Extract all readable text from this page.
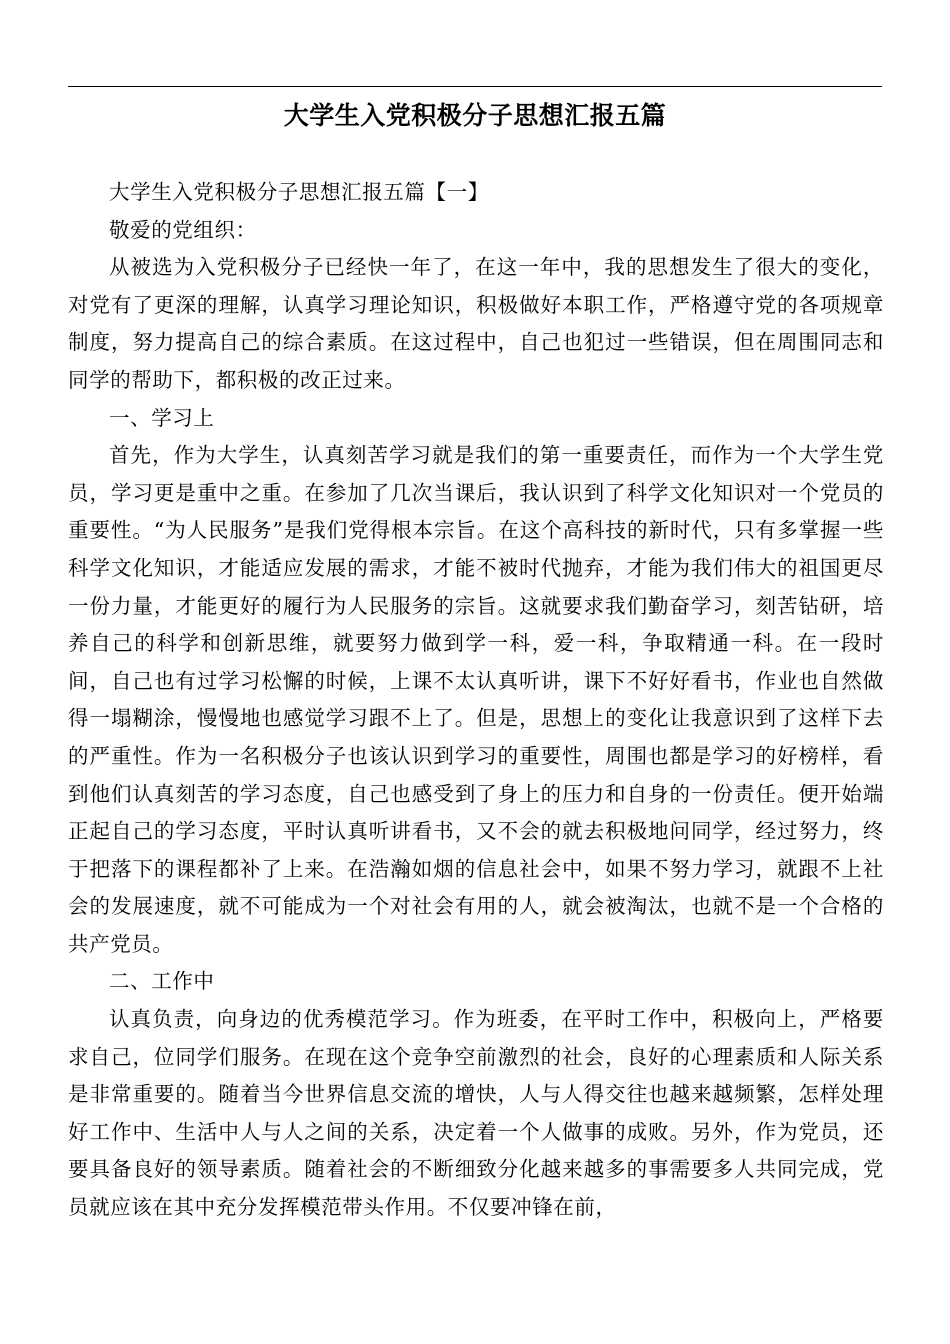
大学生入党积极分子思想汇报五篇

大学生入党积极分子思想汇报五篇【一】

敬爱的党组织：

从被选为入党积极分子已经快一年了，在这一年中，我的思想发生了很大的变化，对党有了更深的理解，认真学习理论知识，积极做好本职工作，严格遵守党的各项规章制度，努力提高自己的综合素质。在这过程中，自己也犯过一些错误，但在周围同志和同学的帮助下，都积极的改正过来。

一、学习上

首先，作为大学生，认真刻苦学习就是我们的第一重要责任，而作为一个大学生党员，学习更是重中之重。在参加了几次当课后，我认识到了科学文化知识对一个党员的重要性。“为人民服务”是我们党得根本宗旨。在这个高科技的新时代，只有多掌握一些科学文化知识，才能适应发展的需求，才能不被时代抛弃，才能为我们伟大的祖国更尽一份力量，才能更好的履行为人民服务的宗旨。这就要求我们勤奋学习，刻苦钻研，培养自己的科学和创新思维，就要努力做到学一科，爱一科，争取精通一科。在一段时间，自己也有过学习松懈的时候，上课不太认真听讲，课下不好好看书，作业也自然做得一塌糊涂，慢慢地也感觉学习跟不上了。但是，思想上的变化让我意识到了这样下去的严重性。作为一名积极分子也该认识到学习的重要性，周围也都是学习的好榜样，看到他们认真刻苦的学习态度，自己也感受到了身上的压力和自身的一份责任。便开始端正起自己的学习态度，平时认真听讲看书，又不会的就去积极地问同学，经过努力，终于把落下的课程都补了上来。在浩瀚如烟的信息社会中，如果不努力学习，就跟不上社会的发展速度，就不可能成为一个对社会有用的人，就会被淘汰，也就不是一个合格的共产党员。

二、工作中

认真负责，向身边的优秀模范学习。作为班委，在平时工作中，积极向上，严格要求自己，位同学们服务。在现在这个竞争空前激烈的社会，良好的心理素质和人际关系是非常重要的。随着当今世界信息交流的增快，人与人得交往也越来越频繁，怎样处理好工作中、生活中人与人之间的关系，决定着一个人做事的成败。另外，作为党员，还要具备良好的领导素质。随着社会的不断细致分化越来越多的事需要多人共同完成，党员就应该在其中充分发挥模范带头作用。不仅要冲锋在前，
